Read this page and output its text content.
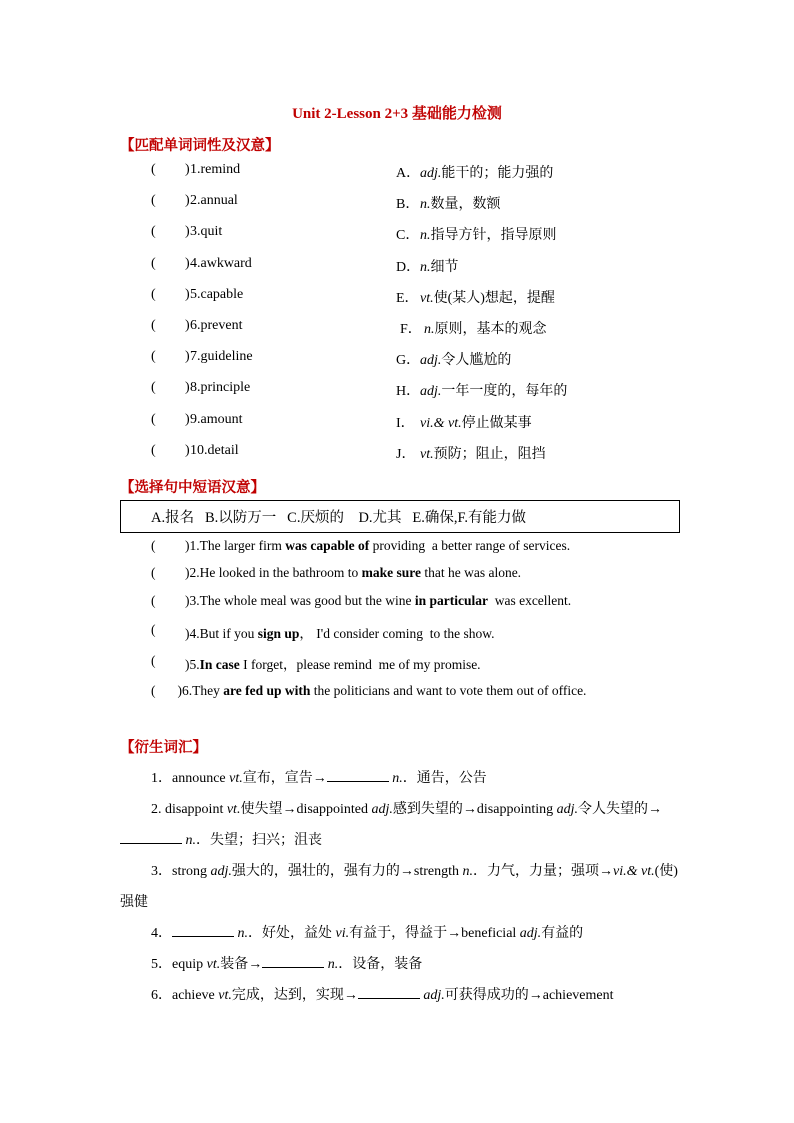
Unit 2-Lesson 2+3 基础能力检测
【匹配单词词性及汉意】
( ) 1.remind	A． adj.能干的；能力强的
( ) 2.annual	B． n.数量，数额
( ) 3.quit	C． n.指导方针，指导原则
( ) 4.awkward	D． n.细节
( ) 5.capable	E． vt.使(某人)想起，提醒
( ) 6.prevent	F． n.原则，基本的观念
( ) 7.guideline	G． adj.令人尴尬的
( ) 8.principle	H． adj.一年一度的，每年的
( ) 9.amount	I． vi.& vt.停止做某事
( ) 10.detail	J． vt.预防；阻止，阻挡
【选择句中短语汉意】
A.报名   B.以防万一   C.厌烦的    D.尤其   E.确保,F.有能力做
( )1.The larger firm was capable of providing  a better range of services.
( )2.He looked in the bathroom to make sure that he was alone.
( )3.The whole meal was good but the wine in particular  was excellent.
( )4.But if you sign up， I'd consider coming  to the show.
( )5.In case I forget，please remind  me of my promise.
( )6.They are fed up with the politicians and want to vote them out of office.
【衍生词汇】

1．announce vt.宣布，宣告→	n.．通告，公告

2. disappoint vt.使失望→disappointed adj.感到失望的→disappointing adj.令人失望的→ n.．失望；扫兴；沮丧

3．strong adj.强大的，强壮的，强有力的→strength n.．力气，力量；强项→vi.& vt.(使)强健

4．	n.．好处，益处 vi.有益于，得益于→beneficial adj.有益的

5．equip vt.装备→	n.．设备，装备

6．achieve vt.完成，达到，实现→	adj.可获得成功的→achievement
